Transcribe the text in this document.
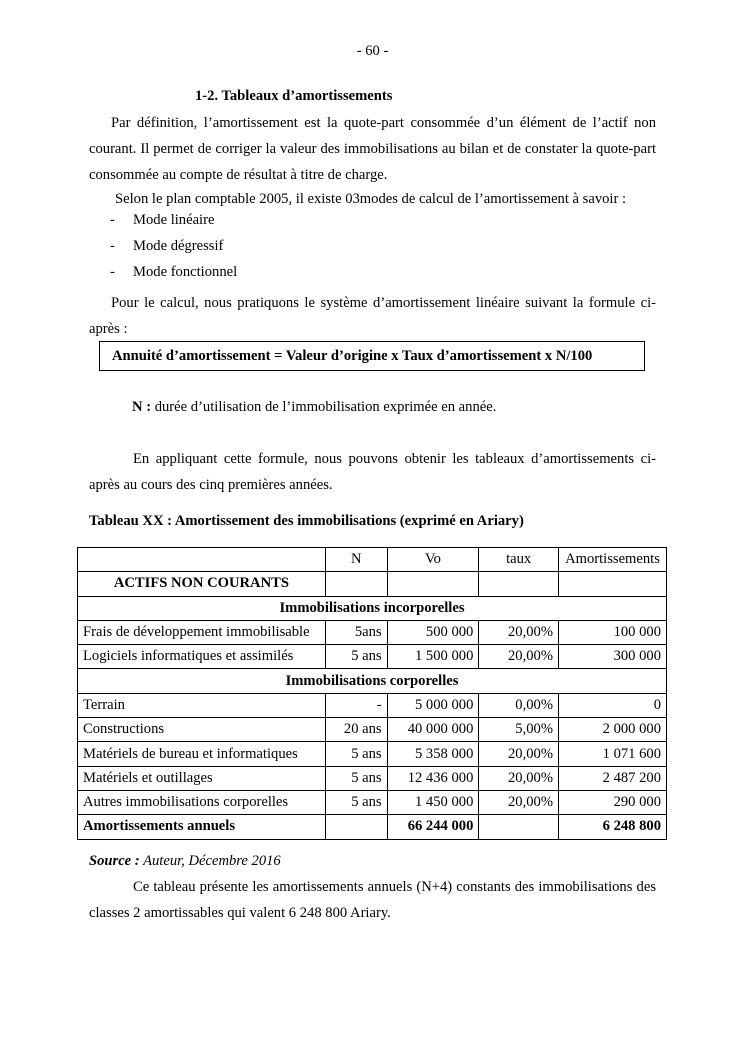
- 60 -
1-2. Tableaux d’amortissements
Par définition, l’amortissement est la quote-part consommée d’un élément de l’actif non courant. Il permet de corriger la valeur des immobilisations au bilan et de constater la quote-part consommée au compte de résultat à titre de charge.
Selon le plan comptable 2005, il existe 03modes de calcul de l’amortissement à savoir :
- Mode linéaire
- Mode dégressif
- Mode fonctionnel
Pour le calcul, nous pratiquons le système d’amortissement linéaire suivant la formule ci-après :
Annuité d’amortissement = Valeur d’origine x Taux d’amortissement x N/100
N : durée d’utilisation de l’immobilisation exprimée en année.
En appliquant cette formule, nous pouvons obtenir les tableaux d’amortissements ci-après au cours des cinq premières années.
Tableau XX : Amortissement des immobilisations (exprimé en Ariary)
	N	Vo	taux	Amortissements
ACTIFS NON COURANTS				
Immobilisations incorporelles				
Frais de développement immobilisable	5ans	500 000	20,00%	100 000
Logiciels informatiques et assimilés	5 ans	1 500 000	20,00%	300 000
Immobilisations corporelles				
Terrain	-	5 000 000	0,00%	0
Constructions	20 ans	40 000 000	5,00%	2 000 000
Matériels de bureau et informatiques	5 ans	5 358 000	20,00%	1 071 600
Matériels et outillages	5 ans	12 436 000	20,00%	2 487 200
Autres immobilisations corporelles	5 ans	1 450 000	20,00%	290 000
Amortissements annuels		66 244 000		6 248 800
Source : Auteur, Décembre 2016
Ce tableau présente les amortissements annuels (N+4) constants des immobilisations des classes 2 amortissables qui valent 6 248 800 Ariary.
